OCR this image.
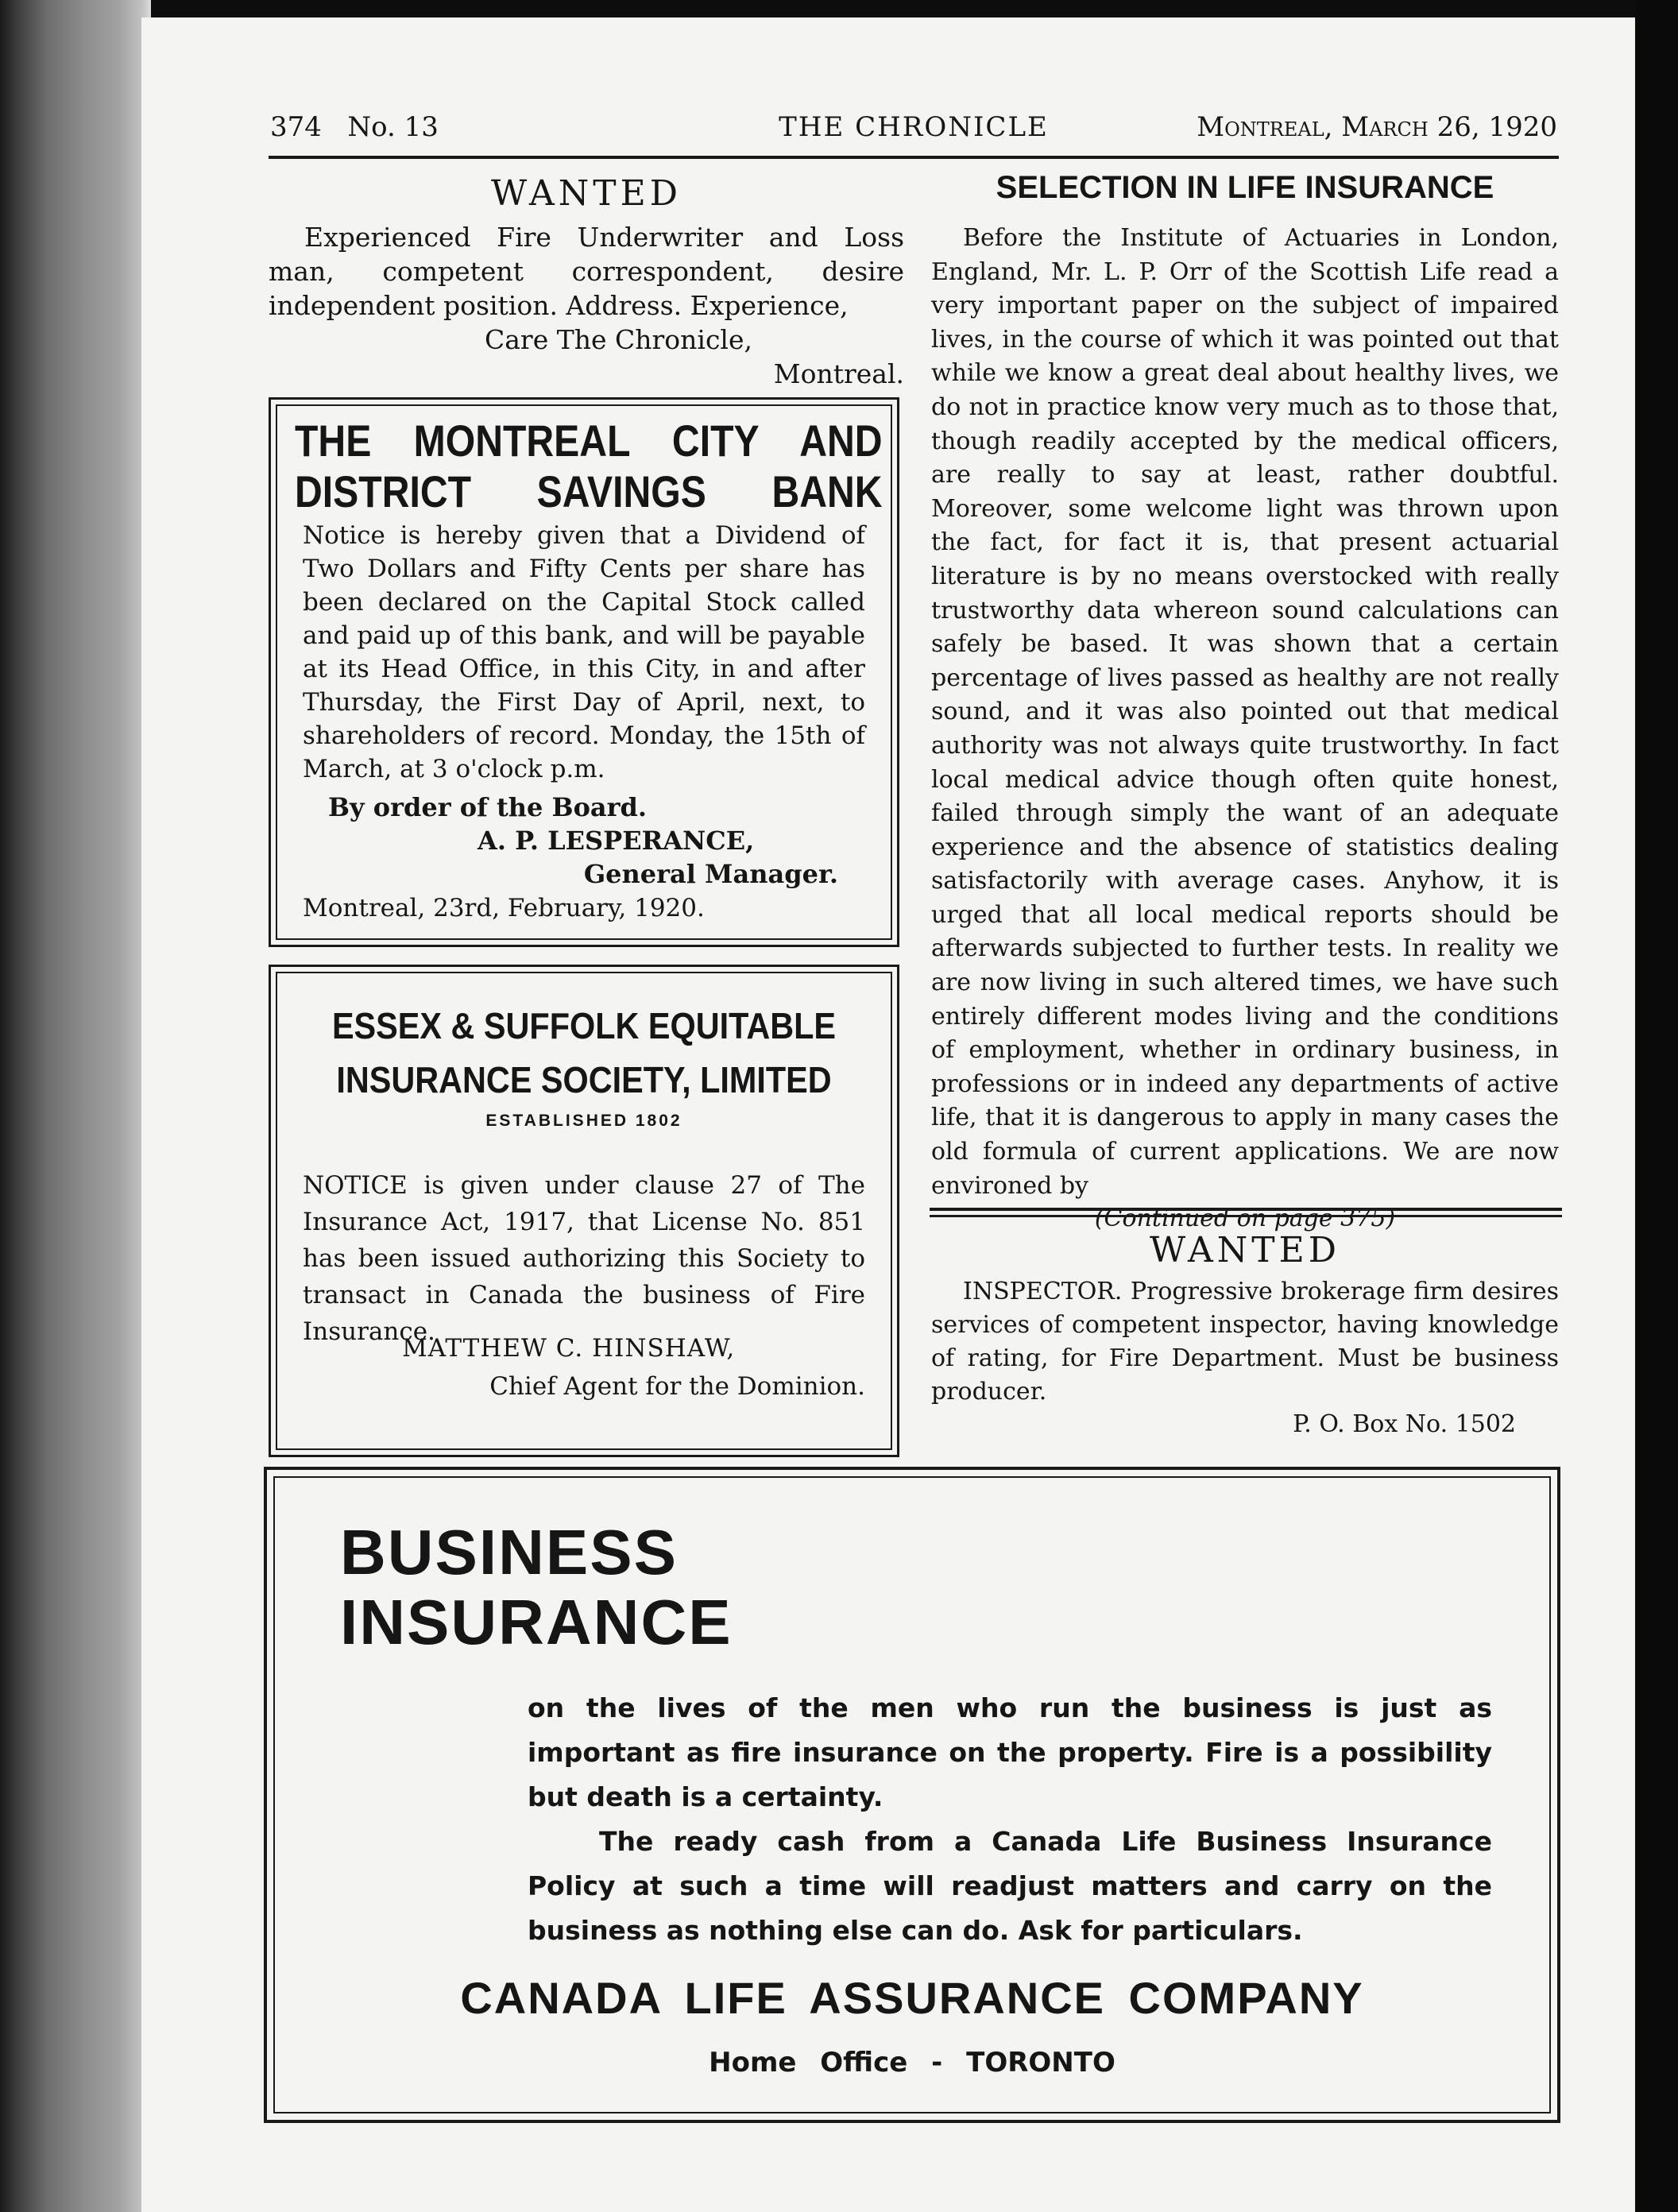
374 No. 13	THE CHRONICLE	Montreal, March 26, 1920
WANTED
Experienced Fire Underwriter and Loss man, competent correspondent, desire independent position. Address. Experience,
Care The Chronicle,
Montreal.
THE MONTREAL CITY AND DISTRICT SAVINGS BANK
Notice is hereby given that a Dividend of Two Dollars and Fifty Cents per share has been declared on the Capital Stock called and paid up of this bank, and will be payable at its Head Office, in this City, in and after Thursday, the First Day of April, next, to shareholders of record. Monday, the 15th of March, at 3 o'clock p.m.
By order of the Board.
A. P. LESPERANCE,
General Manager.
Montreal, 23rd, February, 1920.
ESSEX & SUFFOLK EQUITABLE
INSURANCE SOCIETY, LIMITED
ESTABLISHED 1802
NOTICE is given under clause 27 of The Insurance Act, 1917, that License No. 851 has been issued authorizing this Society to transact in Canada the business of Fire Insurance.
MATTHEW C. HINSHAW,
Chief Agent for the Dominion.
SELECTION IN LIFE INSURANCE
Before the Institute of Actuaries in London, England, Mr. L. P. Orr of the Scottish Life read a very important paper on the subject of impaired lives, in the course of which it was pointed out that while we know a great deal about healthy lives, we do not in practice know very much as to those that, though readily accepted by the medical officers, are really to say at least, rather doubtful. Moreover, some welcome light was thrown upon the fact, for fact it is, that present actuarial literature is by no means overstocked with really trustworthy data whereon sound calculations can safely be based. It was shown that a certain percentage of lives passed as healthy are not really sound, and it was also pointed out that medical authority was not always quite trustworthy. In fact local medical advice though often quite honest, failed through simply the want of an adequate experience and the absence of statistics dealing satisfactorily with average cases. Anyhow, it is urged that all local medical reports should be afterwards subjected to further tests. In reality we are now living in such altered times, we have such entirely different modes living and the conditions of employment, whether in ordinary business, in professions or in indeed any departments of active life, that it is dangerous to apply in many cases the old formula of current applications. We are now environed by
(Continued on page 375)
WANTED
INSPECTOR. Progressive brokerage firm desires services of competent inspector, having knowledge of rating, for Fire Department. Must be business producer.
P. O. Box No. 1502
BUSINESS
INSURANCE
on the lives of the men who run the business is just as important as fire insurance on the property. Fire is a possibility but death is a certainty.
The ready cash from a Canada Life Business Insurance Policy at such a time will readjust matters and carry on the business as nothing else can do. Ask for particulars.
CANADA LIFE ASSURANCE COMPANY
Home Office - TORONTO
